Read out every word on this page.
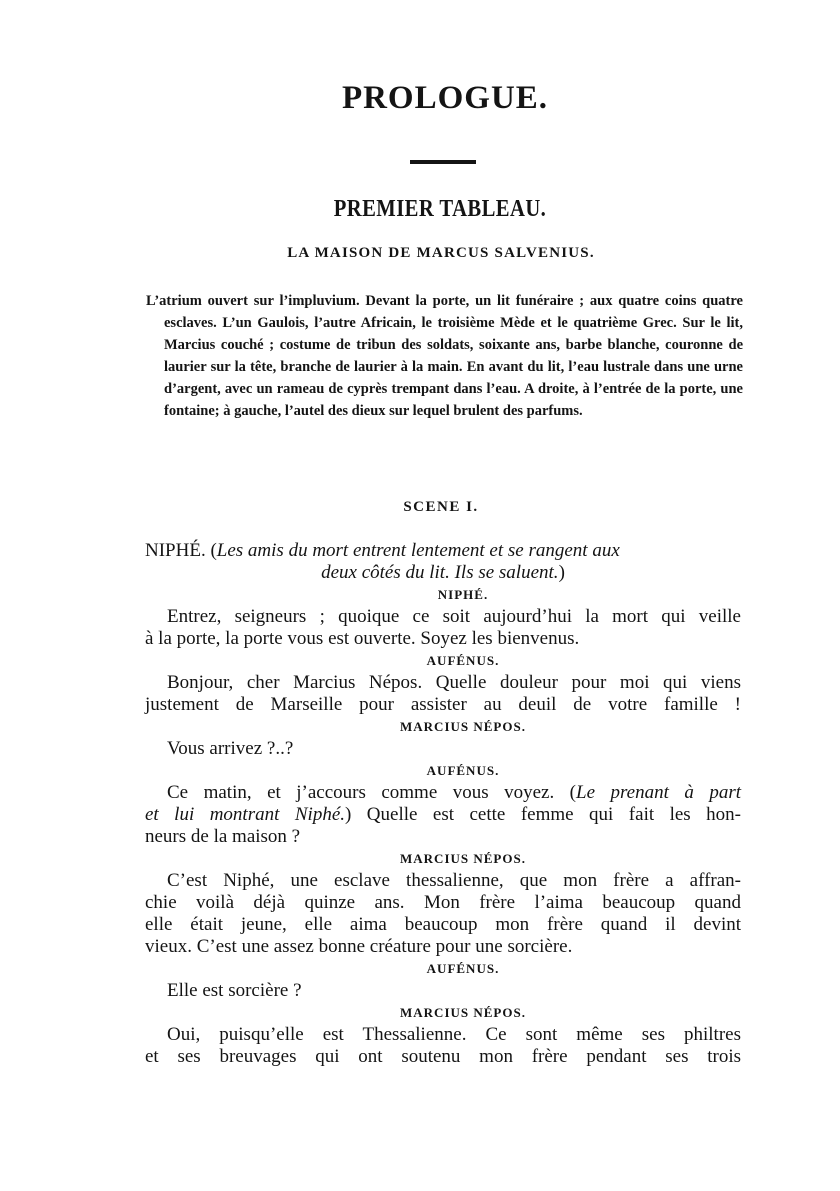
PROLOGUE.
PREMIER TABLEAU.
LA MAISON DE MARCUS SALVENIUS.

L’atrium ouvert sur l’impluvium. Devant la porte, un lit funéraire ; aux quatre coins quatre esclaves. L’un Gaulois, l’autre Africain, le troisième Mède et le quatrième Grec. Sur le lit, Marcius couché ; costume de tribun des soldats, soixante ans, barbe blanche, couronne de laurier sur la tête, branche de laurier à la main. En avant du lit, l’eau lustrale dans une urne d’argent, avec un rameau de cyprès trempant dans l’eau. A droite, à l’entrée de la porte, une fontaine; à gauche, l’autel des dieux sur lequel brulent des parfums.

SCENE I.
NIPHÉ. (Les amis du mort entrent lentement et se rangent aux
deux côtés du lit. Ils se saluent.)
NIPHÉ.
Entrez, seigneurs ; quoique ce soit aujourd’hui la mort qui veille
à la porte, la porte vous est ouverte. Soyez les bienvenus.
AUFÉNUS.
Bonjour, cher Marcius Népos. Quelle douleur pour moi qui viens
justement de Marseille pour assister au deuil de votre famille !
MARCIUS NÉPOS.
Vous arrivez ?..?
AUFÉNUS.
Ce matin, et j’accours comme vous voyez. (Le prenant à part
et lui montrant Niphé.) Quelle est cette femme qui fait les hon-
neurs de la maison ?
MARCIUS NÉPOS.
C’est Niphé, une esclave thessalienne, que mon frère a affran-
chie voilà déjà quinze ans. Mon frère l’aima beaucoup quand
elle était jeune, elle aima beaucoup mon frère quand il devint
vieux. C’est une assez bonne créature pour une sorcière.
AUFÉNUS.
Elle est sorcière ?
MARCIUS NÉPOS.
Oui, puisqu’elle est Thessalienne. Ce sont même ses philtres
et ses breuvages qui ont soutenu mon frère pendant ses trois
